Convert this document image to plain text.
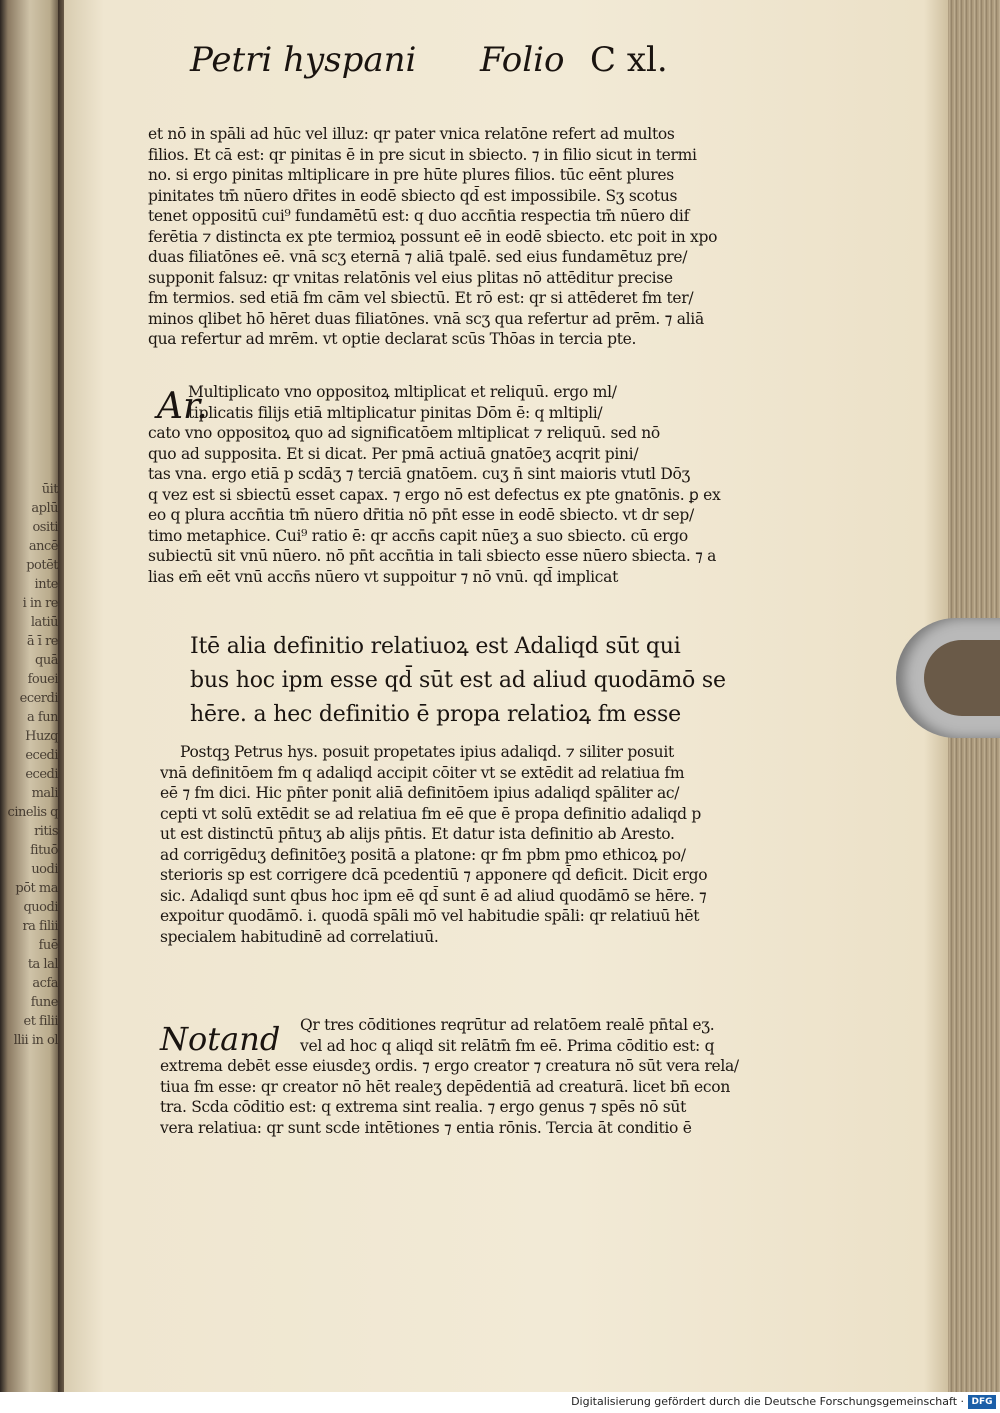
ūit
aplū
ositi
ancē
potēt
inte
i in re
latiū
ā ī re
quā
fouei
ecerdi
a fun
Huzq
ecedi
ecedi
mali
cinelis q
ritis
fituō
uodi
pōt ma
quodi
ra filii
fuē
ta lal
acfa
fune
et filii
llii in ol
Petri hyspani Folio C xl.
et nō in spāli ad hūc vel illuz: qr pater vnica relatōne refert ad multos
filios. Et cā est: qr pinitas ē in pre sicut in sbiecto. ⁊ in filio sicut in termi
no. si ergo pinitas mltiplicare in pre hūte plures filios. tūc eēnt plures
pinitates tm̄ nūero dr̄ites in eodē sbiecto qd̄ est impossibile. Sʒ scotus
tenet oppositū cui⁹ fundamētū est: q duo accn̄tia respectia tm̄ nūero dif
ferētia ⁊ distincta ex pte termioꝝ possunt eē in eodē sbiecto. etc poit in xpo
duas filiatōnes eē. vnā scʒ eternā ⁊ aliā tpalē. sed eius fundamētuz pre/
supponit falsuz: qr vnitas relatōnis vel eius plitas nō attēditur precise
fm termios. sed etiā fm cām vel sbiectū. Et rō est: qr si attēderet fm ter/
minos qlibet hō hēret duas filiatōnes. vnā scʒ qua refertur ad prēm. ⁊ aliā
qua refertur ad mrēm. vt optie declarat scūs Thōas in tercia pte.
Ar.
Multiplicato vno oppositoꝝ mltiplicat et reliquū. ergo ml/
tiplicatis filijs etiā mltiplicatur pinitas Dōm ē: q mltipli/
cato vno oppositoꝝ quo ad significatōem mltiplicat ⁊ reliquū. sed nō
quo ad supposita. Et si dicat. Per pmā actiuā gnatōeʒ acqrit pini/
tas vna. ergo etiā p scdāʒ ⁊ terciā gnatōem. cuʒ n̄ sint maioris vtutl Dōʒ
q vez est si sbiectū esset capax. ⁊ ergo nō est defectus ex pte gnatōnis. ꝑ ex
eo q plura accn̄tia tm̄ nūero dr̄itia nō pn̄t esse in eodē sbiecto. vt dr sep/
timo metaphice. Cui⁹ ratio ē: qr accn̄s capit nūeʒ a suo sbiecto. cū ergo
subiectū sit vnū nūero. nō pn̄t accn̄tia in tali sbiecto esse nūero sbiecta. ⁊ a
lias em̄ eēt vnū accn̄s nūero vt suppoitur ⁊ nō vnū. qd̄ implicat
Itē alia definitio relatiuoꝝ est Adaliqd sūt qui
bus hoc ipm esse qd̄ sūt est ad aliud quodāmō se
hēre. a hec definitio ē propa relatioꝝ fm esse
Postqꝫ Petrus hys. posuit propetates ipius adaliqd. ⁊ siliter posuit
vnā definitōem fm q adaliqd accipit cōiter vt se extēdit ad relatiua fm
eē ⁊ fm dici. Hic pn̄ter ponit aliā definitōem ipius adaliqd spāliter ac/
cepti vt solū extēdit se ad relatiua fm eē que ē propa definitio adaliqd p
ut est distinctū pn̄tuʒ ab alijs pn̄tis. Et datur ista definitio ab Aresto.
ad corrigēduʒ definitōeʒ positā a platone: qr fm pbm pmo ethicoꝝ po/
sterioris sp est corrigere dcā pcedentiū ⁊ apponere qd̄ deficit. Dicit ergo
sic. Adaliqd sunt qbus hoc ipm eē qd̄ sunt ē ad aliud quodāmō se hēre. ⁊
expoitur quodāmō. i. quodā spāli mō vel habitudie spāli: qr relatiuū hēt
specialem habitudinē ad correlatiuū.
Notand	Qr tres cōditiones reqrūtur ad relatōem realē pn̄tal eʒ.
vel ad hoc q aliqd sit relātm̄ fm eē. Prima cōditio est: q
extrema debēt esse eiusdeʒ ordis. ⁊ ergo creator ⁊ creatura nō sūt vera rela/
tiua fm esse: qr creator nō hēt realeʒ depēdentiā ad creaturā. licet bn̄ econ
tra. Scda cōditio est: q extrema sint realia. ⁊ ergo genus ⁊ spēs nō sūt
vera relatiua: qr sunt scde intētiones ⁊ entia rōnis. Tercia āt conditio ē
Digitalisierung gefördert durch die Deutsche Forschungsgemeinschaft · DFG
